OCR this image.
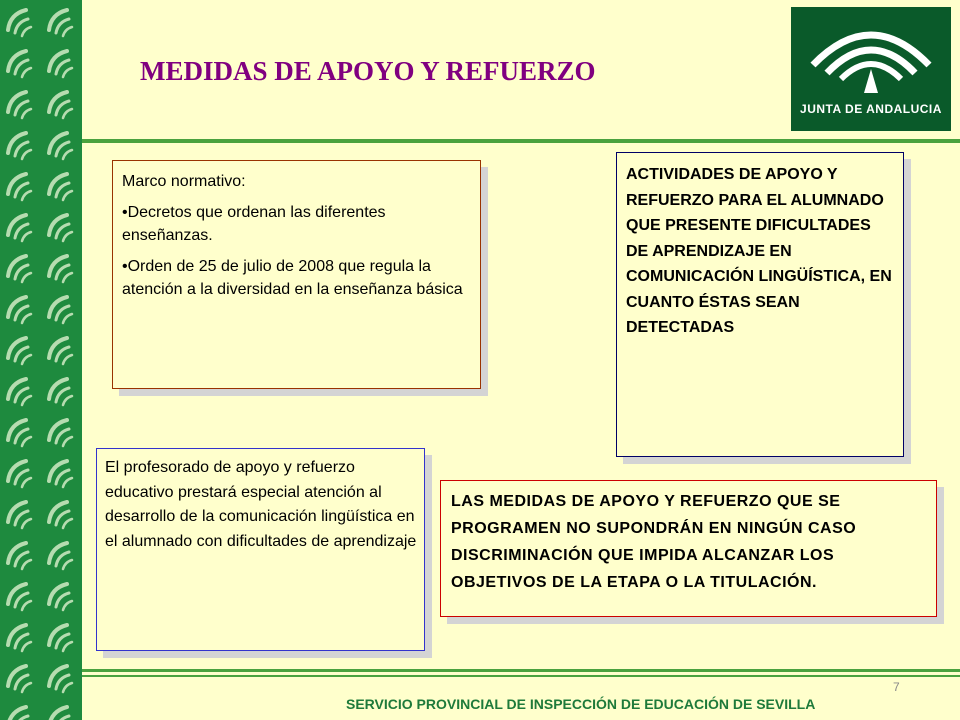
MEDIDAS DE APOYO Y REFUERZO
JUNTA DE ANDALUCIA

Marco normativo:

•Decretos que ordenan las diferentes enseñanzas.

•Orden de 25 de julio de 2008 que regula la atención a la diversidad en la enseñanza básica

ACTIVIDADES DE APOYO Y REFUERZO PARA EL ALUMNADO QUE PRESENTE DIFICULTADES DE APRENDIZAJE EN COMUNICACIÓN LINGÜÍSTICA, EN CUANTO ÉSTAS SEAN DETECTADAS

El profesorado de apoyo y refuerzo educativo prestará especial atención al desarrollo de la comunicación lingüística en el alumnado con dificultades de aprendizaje

LAS MEDIDAS DE APOYO Y REFUERZO QUE SE PROGRAMEN NO SUPONDRÁN EN NINGÚN CASO DISCRIMINACIÓN QUE IMPIDA ALCANZAR LOS OBJETIVOS DE LA ETAPA O LA TITULACIÓN.

7
SERVICIO PROVINCIAL DE INSPECCIÓN DE EDUCACIÓN DE SEVILLA
